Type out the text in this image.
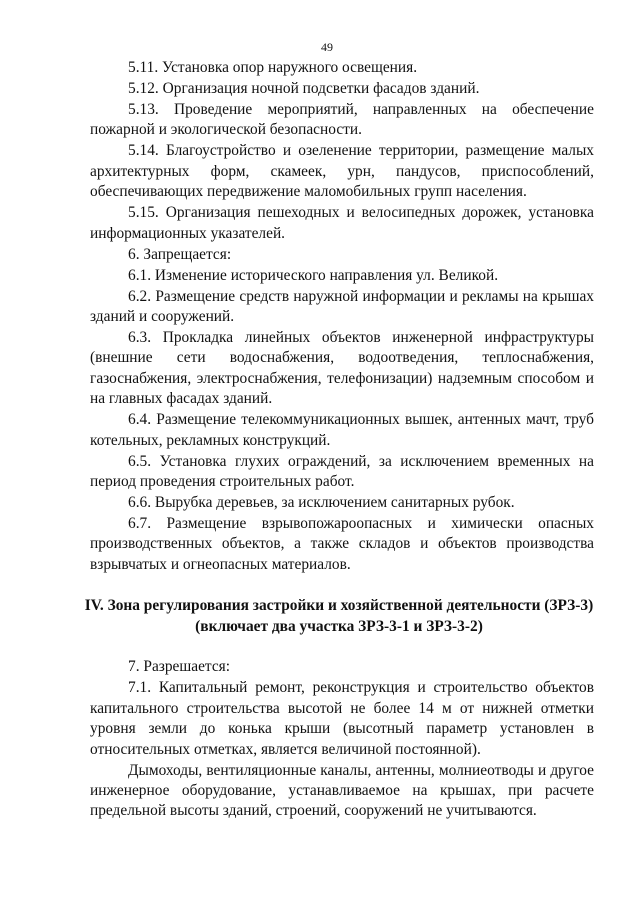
49

5.11. Установка опор наружного освещения.

5.12. Организация ночной подсветки фасадов зданий.

5.13. Проведение мероприятий, направленных на обеспечение пожарной и экологической безопасности.

5.14. Благоустройство и озеленение территории, размещение малых архитектурных форм, скамеек, урн, пандусов, приспособлений, обеспечивающих передвижение маломобильных групп населения.

5.15. Организация пешеходных и велосипедных дорожек, установка информационных указателей.

6. Запрещается:

6.1. Изменение исторического направления ул. Великой.

6.2. Размещение средств наружной информации и рекламы на крышах зданий и сооружений.

6.3. Прокладка линейных объектов инженерной инфраструктуры (внешние сети водоснабжения, водоотведения, теплоснабжения, газоснабжения, электроснабжения, телефонизации) надземным способом и на главных фасадах зданий.

6.4. Размещение телекоммуникационных вышек, антенных мачт, труб котельных, рекламных конструкций.

6.5. Установка глухих ограждений, за исключением временных на период проведения строительных работ.

6.6. Вырубка деревьев, за исключением санитарных рубок.

6.7. Размещение взрывопожароопасных и химически опасных производственных объектов, а также складов и объектов производства взрывчатых и огнеопасных материалов.

IV. Зона регулирования застройки и хозяйственной деятельности (ЗРЗ-3)
(включает два участка ЗРЗ-3-1 и ЗРЗ-3-2)

7. Разрешается:

7.1. Капитальный ремонт, реконструкция и строительство объектов капитального строительства высотой не более 14 м от нижней отметки уровня земли до конька крыши (высотный параметр установлен в относительных отметках, является величиной постоянной).

Дымоходы, вентиляционные каналы, антенны, молниеотводы и другое инженерное оборудование, устанавливаемое на крышах, при расчете предельной высоты зданий, строений, сооружений не учитываются.
